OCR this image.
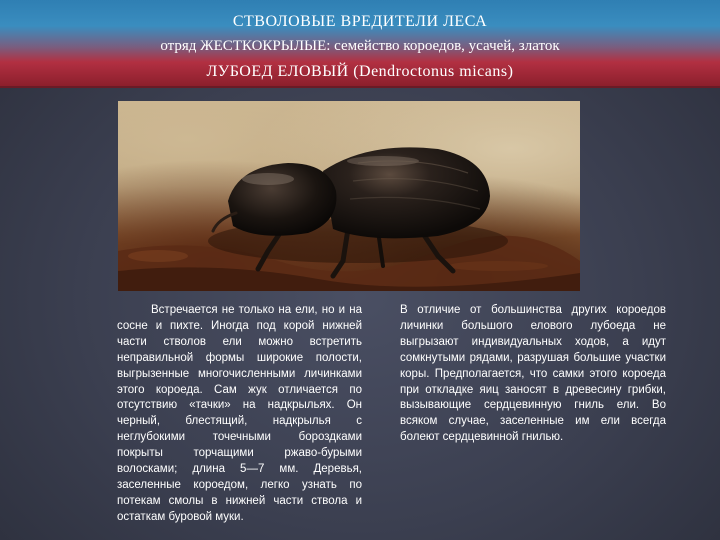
СТВОЛОВЫЕ ВРЕДИТЕЛИ ЛЕСА
отряд ЖЕСТКОКРЫЛЫЕ: семейство короедов, усачей, златок
ЛУБОЕД ЕЛОВЫЙ (Dendroctonus micans)
Встречается не только на ели, но и на сосне и пихте. Иногда под корой нижней части стволов ели можно встретить неправильной формы широкие полости, выгрызенные многочисленными личинками этого короеда. Сам жук отличается по отсутствию «тачки» на надкрыльях. Он черный, блестящий, надкрылья с неглубокими точечными бороздками покрыты торчащими ржаво-бурыми волосками; длина 5—7 мм. Деревья, заселенные короедом, легко узнать по потекам смолы в нижней части ствола и остаткам буровой муки.
В отличие от большинства других короедов личинки большого елового лубоеда не выгрызают индивидуальных ходов, а идут сомкнутыми рядами, разрушая большие участки коры. Предполагается, что самки этого короеда при откладке яиц заносят в древесину грибки, вызывающие сердцевинную гниль ели. Во всяком случае, заселенные им ели всегда болеют сердцевинной гнилью.
